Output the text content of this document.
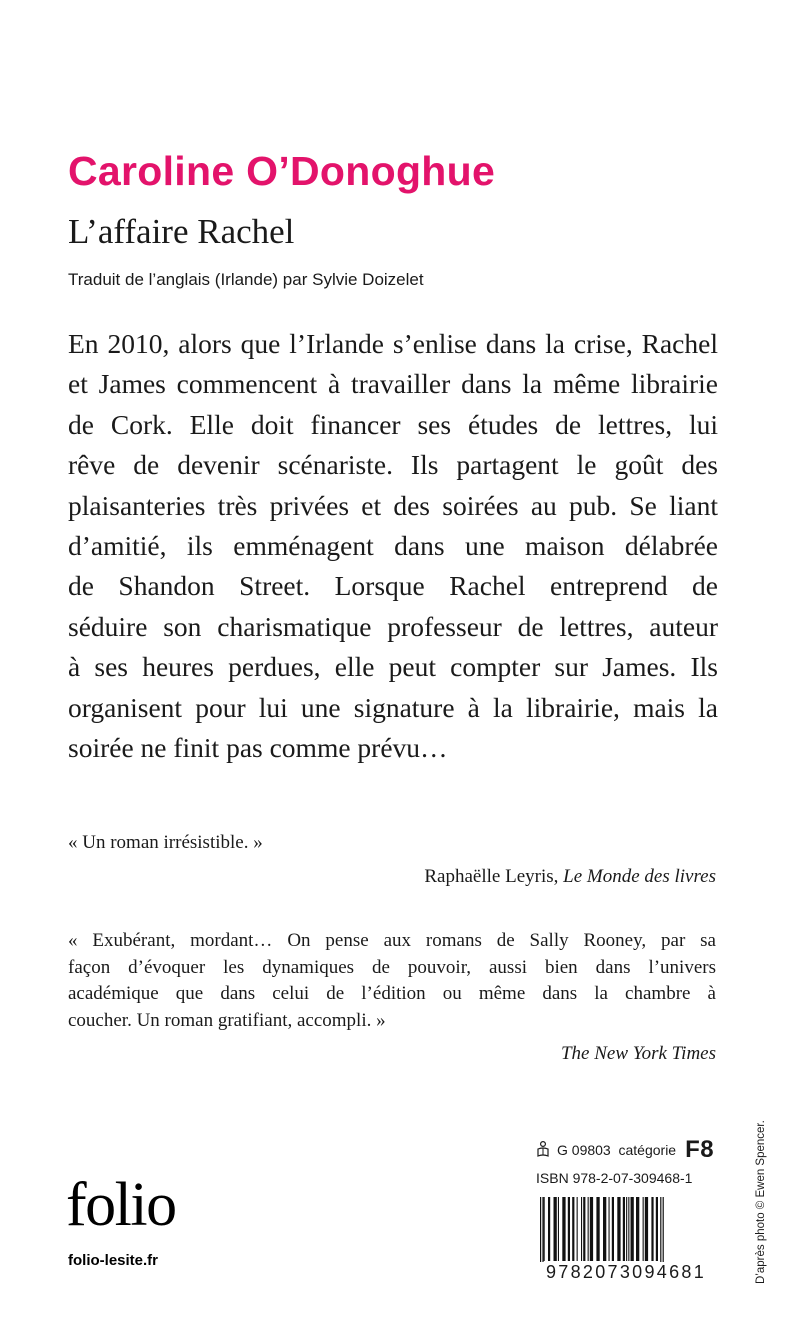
Caroline O’Donoghue
L’affaire Rachel
Traduit de l’anglais (Irlande) par Sylvie Doizelet
En 2010, alors que l’Irlande s’enlise dans la crise, Rachel
et James commencent à travailler dans la même librairie
de Cork. Elle doit financer ses études de lettres, lui
rêve de devenir scénariste. Ils partagent le goût des
plaisanteries très privées et des soirées au pub. Se liant
d’amitié, ils emménagent dans une maison délabrée
de Shandon Street. Lorsque Rachel entreprend de
séduire son charismatique professeur de lettres, auteur
à ses heures perdues, elle peut compter sur James. Ils
organisent pour lui une signature à la librairie, mais la
soirée ne finit pas comme prévu…
« Un roman irrésistible. »
Raphaëlle Leyris, Le Monde des livres
« Exubérant, mordant… On pense aux romans de Sally Rooney, par sa
façon d’évoquer les dynamiques de pouvoir, aussi bien dans l’univers
académique que dans celui de l’édition ou même dans la chambre à
coucher. Un roman gratifiant, accompli. »
The New York Times
G 09803
catégorie F8
ISBN 978-2-07-309468-1
9782073094681
folio
folio-lesite.fr	D’après photo © Ewen Spencer.
